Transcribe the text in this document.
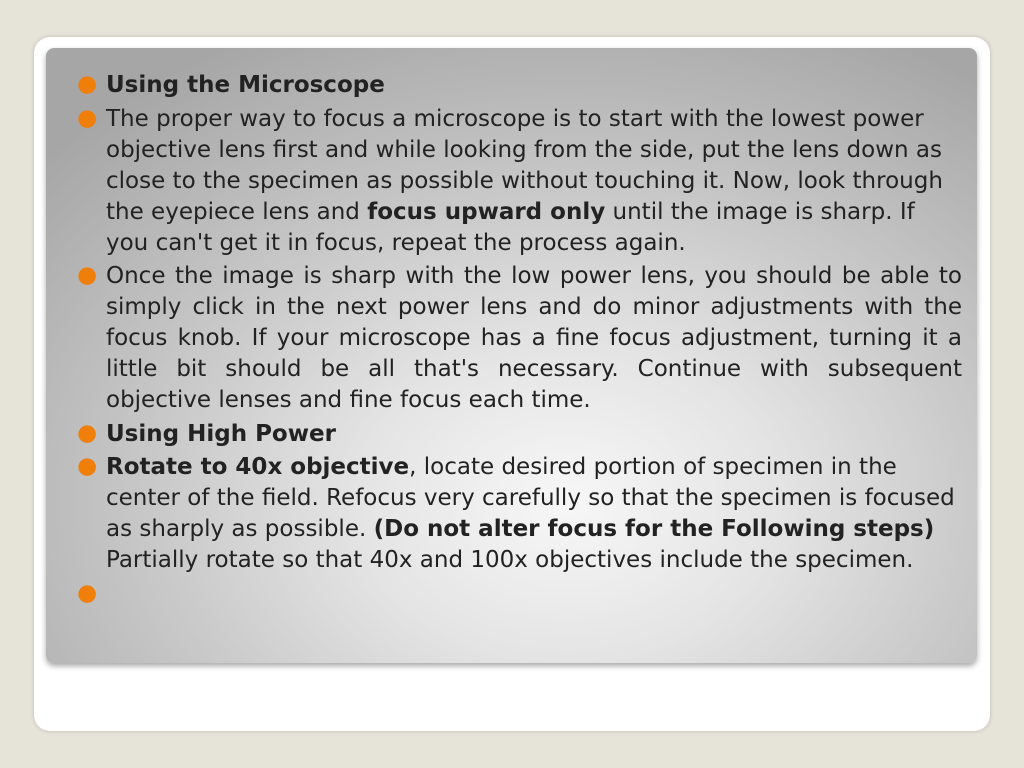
● Using the Microscope
● The proper way to focus a microscope is to start with the lowest power objective lens first and while looking from the side, put the lens down as close to the specimen as possible without touching it. Now, look through the eyepiece lens and focus upward only until the image is sharp. If you can't get it in focus, repeat the process again.
● Once the image is sharp with the low power lens, you should be able to simply click in the next power lens and do minor adjustments with the focus knob. If your microscope has a fine focus adjustment, turning it a little bit should be all that's necessary. Continue with subsequent objective lenses and fine focus each time.
● Using High Power
● Rotate to 40x objective, locate desired portion of specimen in the center of the field. Refocus very carefully so that the specimen is focused as sharply as possible. (Do not alter focus for the Following steps) Partially rotate so that 40x and 100x objectives include the specimen.
●
